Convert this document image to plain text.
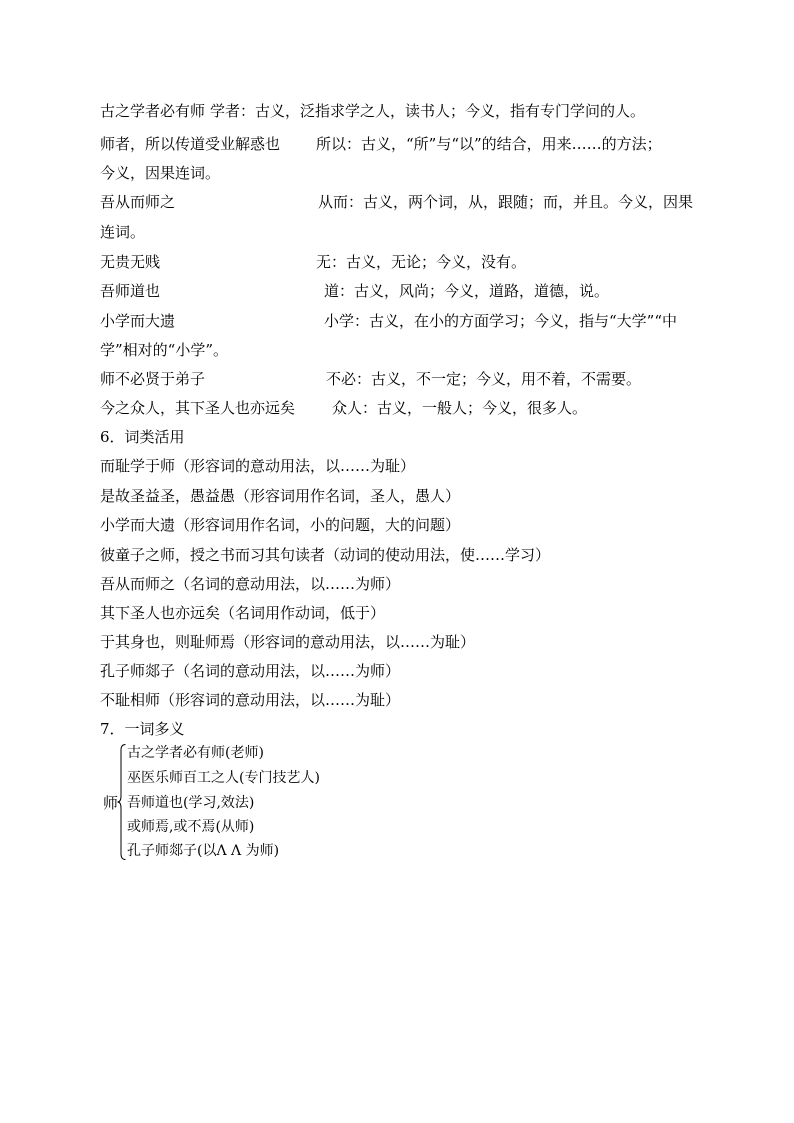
古之学者必有师 学者：古义，泛指求学之人，读书人；今义，指有专门学问的人。
师者，所以传道受业解惑也 所以：古义，“所”与“以”的结合，用来……的方法；
今义，因果连词。
吾从而师之	从而：古义，两个词，从，跟随；而，并且。今义，因果
连词。
无贵无贱	无：古义，无论；今义，没有。
吾师道也	道：古义，风尚；今义，道路，道德，说。
小学而大遗	小学：古义，在小的方面学习；今义，指与“大学”“中
学”相对的“小学”。
师不必贤于弟子	不必：古义，不一定；今义，用不着，不需要。
今之众人，其下圣人也亦远矣 众人：古义，一般人；今义，很多人。
6．词类活用
而耻学于师（形容词的意动用法，以……为耻）
是故圣益圣，愚益愚（形容词用作名词，圣人，愚人）
小学而大遗（形容词用作名词，小的问题，大的问题）
彼童子之师，授之书而习其句读者（动词的使动用法，使……学习）
吾从而师之（名词的意动用法，以……为师）
其下圣人也亦远矣（名词用作动词，低于）
于其身也，则耻师焉（形容词的意动用法，以……为耻）
孔子师郯子（名词的意动用法，以……为师）
不耻相师（形容词的意动用法，以……为耻）
7．一词多义
师
古之学者必有师(老师)
巫医乐师百工之人(专门技艺人)
吾师道也(学习,效法)
或师焉,或不焉(从师)
孔子师郯子(以Λ Λ 为师)
